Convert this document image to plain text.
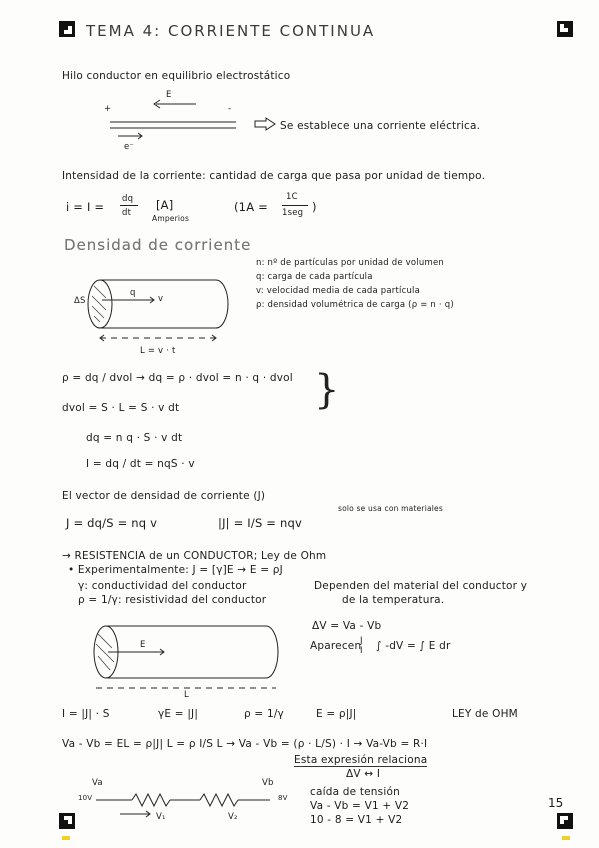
TEMA 4: CORRIENTE CONTINUA
Hilo conductor en equilibrio electrostático
+	-
E
e⁻
Se establece una corriente eléctrica.
Intensidad de la corriente: cantidad de carga que pasa por unidad de tiempo.
i = I =
dq
dt
[A]
Amperios
(1A =
1C
1seg )
Densidad de corriente
n: nº de partículas por unidad de volumen
q: carga de cada partícula
v: velocidad media de cada partícula
ρ: densidad volumétrica de carga (ρ = n · q)
ΔS
q
v
L = v · t
ρ = dq / dvol → dq = ρ · dvol = n · q · dvol
dvol = S · L = S · v dt
dq = n q · S · v dt
I = dq / dt = nqS · v
}
El vector de densidad de corriente (J)
solo se usa con materiales
J = dq/S = nq v	|J| = I/S = nqv
→ RESISTENCIA de un CONDUCTOR; Ley de Ohm
• Experimentalmente: J = [γ]E → E = ρJ
γ: conductividad del conductor
ρ = 1/γ: resistividad del conductor
Dependen del material del conductor y
de la temperatura.
E
L
ΔV = Va - Vb
Aparecen
J
I ∫ -dV = ∫ E dr
I = |J| · S	γE = |J|	ρ = 1/γ	E = ρ|J|	LEY de OHM
Va - Vb = EL = ρ|J| L = ρ I/S L → Va - Vb = (ρ · L/S) · I → Va-Vb = R·I
Esta expresión relaciona
ΔV ↔ I
Va	Vb
10V	8V
V₁	V₂
caída de tensión
Va - Vb = V1 + V2
10 - 8 = V1 + V2
15
